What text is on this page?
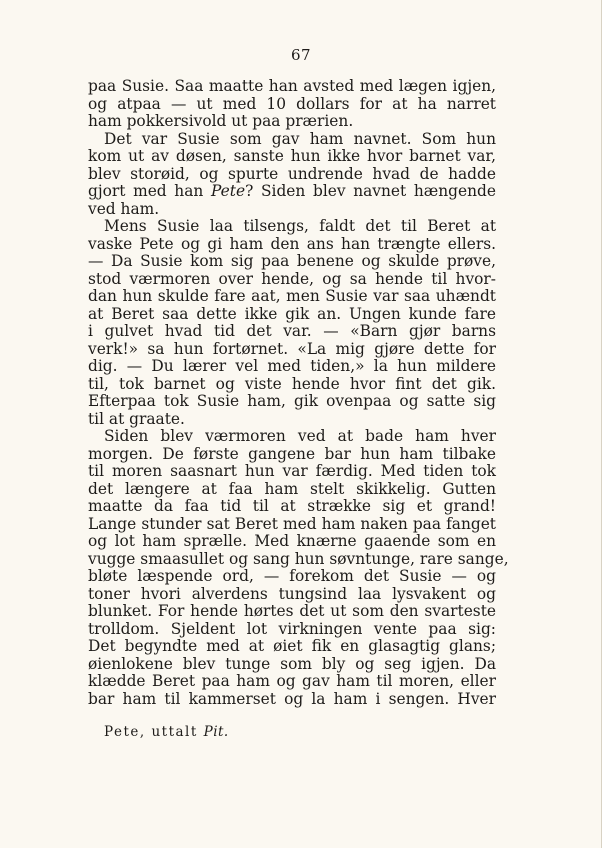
67
paa Susie. Saa maatte han avsted med lægen igjen,
og atpaa — ut med 10 dollars for at ha narret
ham pokkersivold ut paa prærien.
Det var Susie som gav ham navnet. Som hun
kom ut av døsen, sanste hun ikke hvor barnet var,
blev storøid, og spurte undrende hvad de hadde
gjort med han Pete? Siden blev navnet hængende
ved ham.
Mens Susie laa tilsengs, faldt det til Beret at
vaske Pete og gi ham den ans han trængte ellers.
— Da Susie kom sig paa benene og skulde prøve,
stod værmoren over hende, og sa hende til hvor-
dan hun skulde fare aat, men Susie var saa uhændt
at Beret saa dette ikke gik an. Ungen kunde fare
i gulvet hvad tid det var. — «Barn gjør barns
verk!» sa hun fortørnet. «La mig gjøre dette for
dig. — Du lærer vel med tiden,» la hun mildere
til, tok barnet og viste hende hvor fint det gik.
Efterpaa tok Susie ham, gik ovenpaa og satte sig
til at graate.
Siden blev værmoren ved at bade ham hver
morgen. De første gangene bar hun ham tilbake
til moren saasnart hun var færdig. Med tiden tok
det længere at faa ham stelt skikkelig. Gutten
maatte da faa tid til at strække sig et grand!
Lange stunder sat Beret med ham naken paa fanget
og lot ham sprælle. Med knærne gaaende som en
vugge smaasullet og sang hun søvntunge, rare sange,
bløte læspende ord, — forekom det Susie — og
toner hvori alverdens tungsind laa lysvakent og
blunket. For hende hørtes det ut som den svarteste
trolldom. Sjeldent lot virkningen vente paa sig:
Det begyndte med at øiet fik en glasagtig glans;
øienlokene blev tunge som bly og seg igjen. Da
klædde Beret paa ham og gav ham til moren, eller
bar ham til kammerset og la ham i sengen. Hver
Pete, uttalt Pit.
